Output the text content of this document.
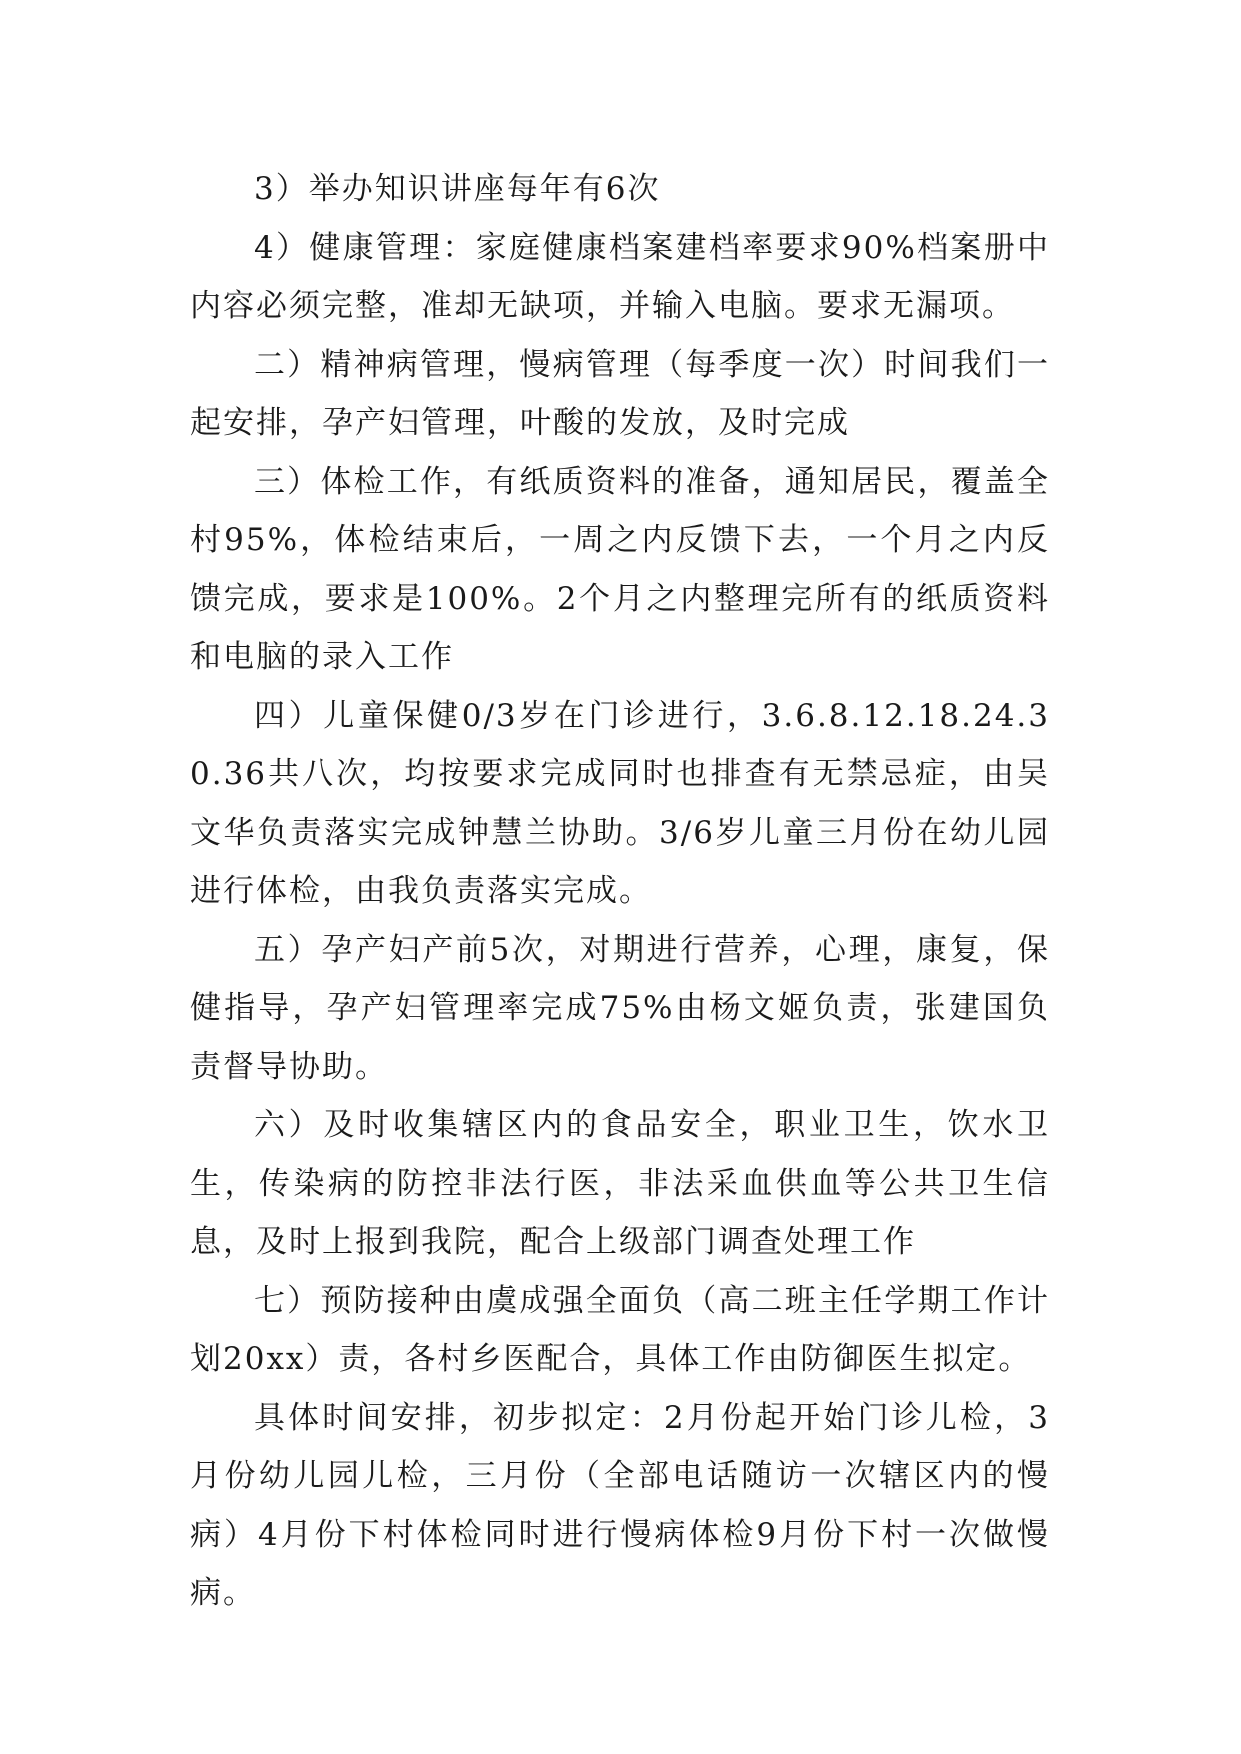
3）举办知识讲座每年有6次

4）健康管理：家庭健康档案建档率要求90%档案册中内容必须完整，准却无缺项，并输入电脑。要求无漏项。

二）精神病管理，慢病管理（每季度一次）时间我们一起安排，孕产妇管理，叶酸的发放，及时完成

三）体检工作，有纸质资料的准备，通知居民，覆盖全村95%，体检结束后，一周之内反馈下去，一个月之内反馈完成，要求是100%。2个月之内整理完所有的纸质资料和电脑的录入工作

四）儿童保健0/3岁在门诊进行，3.6.8.12.18.24.30.36共八次，均按要求完成同时也排查有无禁忌症，由吴文华负责落实完成钟慧兰协助。3/6岁儿童三月份在幼儿园进行体检，由我负责落实完成。

五）孕产妇产前5次，对期进行营养，心理，康复，保健指导，孕产妇管理率完成75%由杨文姬负责，张建国负责督导协助。

六）及时收集辖区内的食品安全，职业卫生，饮水卫生，传染病的防控非法行医，非法采血供血等公共卫生信息，及时上报到我院，配合上级部门调查处理工作

七）预防接种由虞成强全面负（高二班主任学期工作计划20xx）责，各村乡医配合，具体工作由防御医生拟定。

具体时间安排，初步拟定：2月份起开始门诊儿检，3月份幼儿园儿检，三月份（全部电话随访一次辖区内的慢病）4月份下村体检同时进行慢病体检9月份下村一次做慢病。
